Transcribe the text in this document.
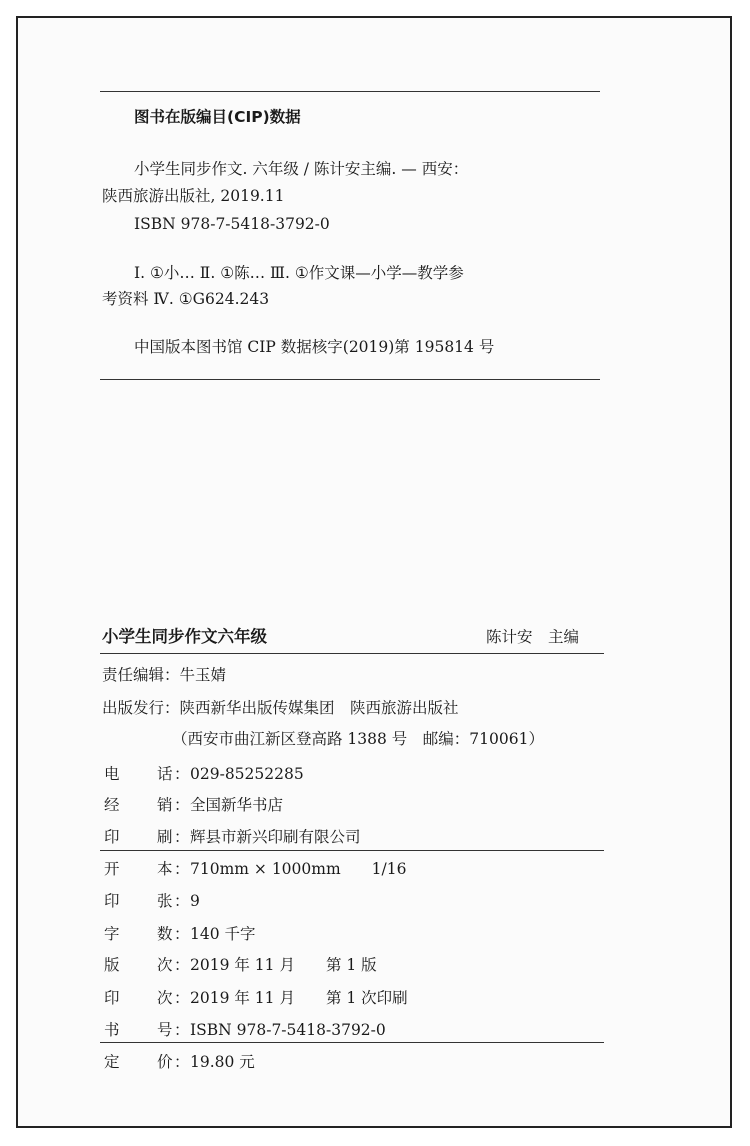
图书在版编目(CIP)数据
小学生同步作文. 六年级 / 陈计安主编. — 西安：
陕西旅游出版社, 2019.11
ISBN 978-7-5418-3792-0
Ⅰ. ①小… Ⅱ. ①陈… Ⅲ. ①作文课—小学—教学参
考资料 Ⅳ. ①G624.243
中国版本图书馆 CIP 数据核字(2019)第 195814 号
小学生同步作文六年级	陈计安　主编
责任编辑：牛玉婧
出版发行：陕西新华出版传媒集团　陕西旅游出版社
（西安市曲江新区登高路 1388 号　邮编：710061）
电 话 ： 029-85252285
经 销 ： 全国新华书店
印 刷 ： 辉县市新兴印刷有限公司
开 本 ： 710mm × 1000mm　　1/16
印 张 ： 9
字 数 ： 140 千字
版 次 ： 2019 年 11 月　　第 1 版
印 次 ： 2019 年 11 月　　第 1 次印刷
书 号 ： ISBN 978-7-5418-3792-0
定 价 ： 19.80 元
